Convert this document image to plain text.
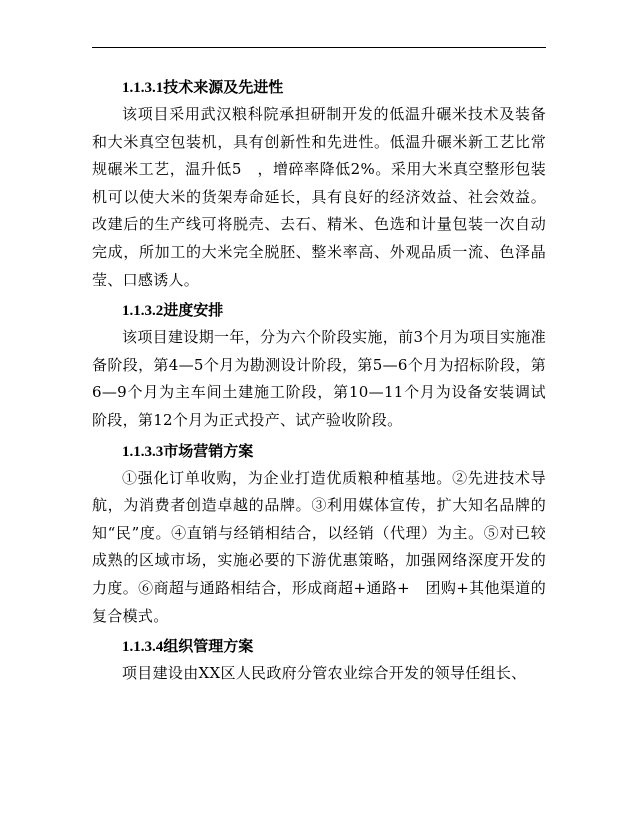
1.1.3.1技术来源及先进性
该项目采用武汉粮科院承担研制开发的低温升碾米技术及装备和大米真空包装机，具有创新性和先进性。低温升碾米新工艺比常规碾米工艺，温升低5　，增碎率降低2%。采用大米真空整形包装机可以使大米的货架寿命延长，具有良好的经济效益、社会效益。改建后的生产线可将脱壳、去石、精米、色选和计量包装一次自动完成，所加工的大米完全脱胚、整米率高、外观品质一流、色泽晶莹、口感诱人。
1.1.3.2进度安排
该项目建设期一年，分为六个阶段实施，前3个月为项目实施准备阶段，第4—5个月为勘测设计阶段，第5—6个月为招标阶段，第6—9个月为主车间土建施工阶段，第10—11个月为设备安装调试阶段，第12个月为正式投产、试产验收阶段。
1.1.3.3市场营销方案
①强化订单收购，为企业打造优质粮种植基地。②先进技术导航，为消费者创造卓越的品牌。③利用媒体宣传，扩大知名品牌的知“民”度。④直销与经销相结合，以经销（代理）为主。⑤对已较成熟的区域市场，实施必要的下游优惠策略，加强网络深度开发的力度。⑥商超与通路相结合，形成商超+通路+　团购+其他渠道的复合模式。
1.1.3.4组织管理方案
项目建设由XX区人民政府分管农业综合开发的领导任组长、
